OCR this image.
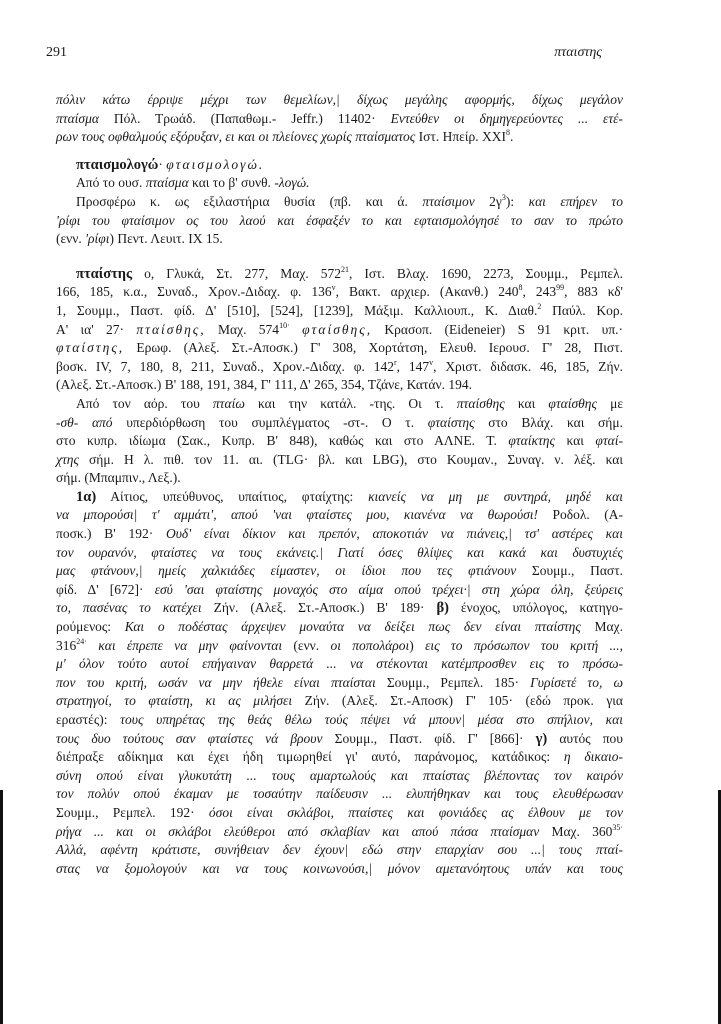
291	πταιστης
πόλιν κάτω έρριψε μέχρι των θεμελίων,| δίχως μεγάλης αφορμής, δίχως μεγάλον
πταίσμα Πόλ. Τρωάδ. (Παπαθωμ.- Jeffr.) 11402· Εντεύθεν οι δημηγερεύοντες ... ετέ-
ρων τους οφθαλμούς εξόρυξαν, ει και οι πλείονες χωρίς πταίσματος Ιστ. Ηπείρ. XXI$^8$.
πταισμολογώ· φταισμολογώ.
Από το ουσ. πταίσμα και το β' συνθ. -λογώ.
Προσφέρω κ. ως εξιλαστήρια θυσία (πβ. και ά. πταίσιμον $2\gamma^3$): και επήρεν το
'ρίφι του φταίσιμον ος του λαού και έσφαξέν το και εφταισμολόγησέ το σαν το πρώτο
(ενν. 'ρίφι) Πεντ. Λευιτ. IX 15.
πταίστης ο, Γλυκά, Στ. 277, Μαχ. $572^{21}$, Ιστ. Βλαχ. 1690, 2273, Σουμμ., Ρεμπελ.
166, 185, κ.α., Συναδ., Χρον.-Διδαχ. φ. 136$^v$, Βακτ. αρχιερ. (Ακανθ.) $240^8$, $243^{99}$, 883 κδ'
1, Σουμμ., Παστ. φίδ. Δ' [510], [524], [1239], Μάξιμ. Καλλιουπ., Κ. Διαθ.$^2$ Παύλ. Κορ.
Α' ια' 27· πταίσθης, Μαχ. $574^{10\cdot}$ φταίσθης, Κρασοπ. (Eideneier) S 91 κριτ. υπ.·
φταίστης, Ερωφ. (Αλεξ. Στ.-Αποσκ.) Γ' 308, Χορτάτση, Ελευθ. Ιερουσ. Γ' 28, Πιστ.
βοσκ. IV, 7, 180, 8, 211, Συναδ., Χρον.-Διδαχ. φ. 142$^r$, 147$^v$, Χριστ. διδασκ. 46, 185, Ζήν.
(Αλεξ. Στ.-Αποσκ.) Β' 188, 191, 384, Γ' 111, Δ' 265, 354, Τζάνε, Κατάν. 194.
Από τον αόρ. του πταίω και την κατάλ. -της. Οι τ. πταίσθης και φταίσθης με
-σθ- από υπερδιόρθωση του συμπλέγματος -στ-. Ο τ. φταίστης στο Βλάχ. και σήμ.
στο κυπρ. ιδίωμα (Σακ., Κυπρ. Β' 848), καθώς και στο ΑΛΝΕ. Τ. φταίκτης και φταί-
χτης σήμ. Η λ. πιθ. τον 11. αι. (TLG· βλ. και LBG), στο Κουμαν., Συναγ. ν. λέξ. και
σήμ. (Μπαμπιν., Λεξ.).
1α) Αίτιος, υπεύθυνος, υπαίτιος, φταίχτης: κιανείς να μη με συντηρά, μηδέ και
να μπορούσι| τ' αμμάτι', απού 'ναι φταίστες μου, κιανένα να θωρούσι! Ροδολ. (Α-
ποσκ.) Β' 192· Ουδ' είναι δίκιον και πρεπόν, αποκοτιάν να πιάνεις,| τσ' αστέρες και
τον ουρανόν, φταίστες να τους εκάνεις.| Γιατί όσες θλίψες και κακά και δυστυχιές
μας φτάνουν,| ημείς χαλκιάδες είμαστεν, οι ίδιοι που τες φτιάνουν Σουμμ., Παστ.
φίδ. Δ' [672]· εσύ 'σαι φταίστης μοναχός στο αίμα οπού τρέχει·| στη χώρα όλη, ξεύρεις
το, πασένας το κατέχει Ζήν. (Αλεξ. Στ.-Αποσκ.) Β' 189· β) ένοχος, υπόλογος, κατηγο-
ρούμενος: Και ο ποδέστας άρχεψεν μοναύτα να δείξει πως δεν είναι πταίστης Μαχ.
$316^{24\cdot}$ και έπρεπε να μην φαίνονται (ενν. οι ποπολάροι) εις το πρόσωπον του κριτή ...,
μ' όλον τούτο αυτοί επήγαιναν θαρρετά ... να στέκονται κατέμπροσθεν εις το πρόσω-
πον του κριτή, ωσάν να μην ήθελε είναι πταίσται Σουμμ., Ρεμπελ. 185· Γυρίσετέ το, ω
στρατηγοί, το φταίστη, κι ας μιλήσει Ζήν. (Αλεξ. Στ.-Αποσκ) Γ' 105· (εδώ προκ. για
εραστές): τους υπηρέτας της θεάς θέλω τούς πέψει νά μπουν| μέσα στο σπήλιον, και
τους δυο τούτους σαν φταίστες νά βρουν Σουμμ., Παστ. φίδ. Γ' [866]· γ) αυτός που
διέπραξε αδίκημα και έχει ήδη τιμωρηθεί γι' αυτό, παράνομος, κατάδικος: η δικαιο-
σύνη οπού είναι γλυκυτάτη ... τους αμαρτωλούς και πταίστας βλέποντας τον καιρόν
τον πολύν οπού έκαμαν με τοσαύτην παίδευσιν ... ελυπήθηκαν και τους ελευθέρωσαν
Σουμμ., Ρεμπελ. 192· όσοι είναι σκλάβοι, πταίστες και φονιάδες ας έλθουν με τον
ρήγα ... και οι σκλάβοι ελεύθεροι από σκλαβίαν και απού πάσα πταίσμαν Μαχ. $360^{35\cdot}$
Αλλά, αφέντη κράτιστε, συνήθειαν δεν έχουν| εδώ στην επαρχίαν σου ...| τους πταί-
στας να ξομολογούν και να τους κοινωνούσι,| μόνον αμετανόητους υπάν και τους
